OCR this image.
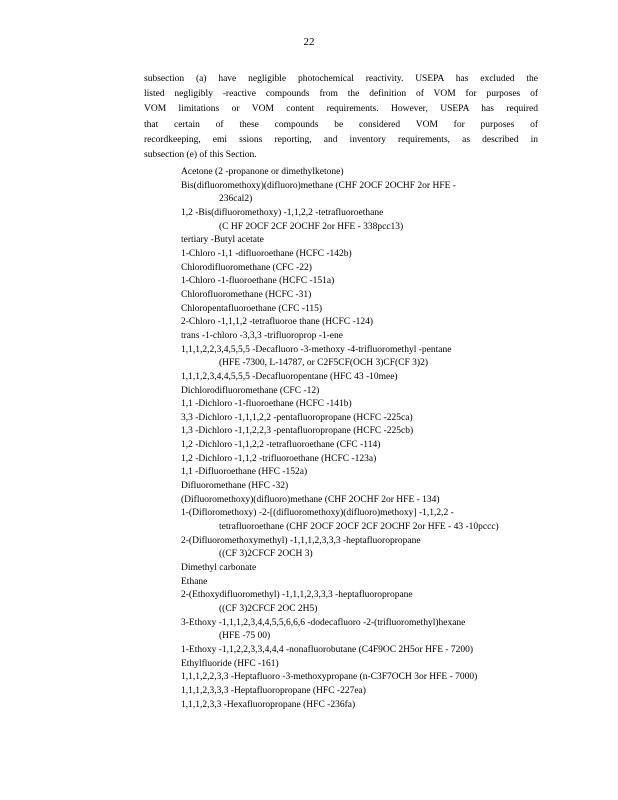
22

subsection (a) have negligible photochemical reactivity. USEPA has excluded the
listed negligibly -reactive compounds from the definition of VOM for purposes of
VOM limitations or VOM content requirements. However, USEPA has required
that certain of these compounds be considered VOM for purposes of
recordkeeping, emi ssions reporting, and inventory requirements, as described in
subsection (e) of this Section.

Acetone (2 -propanone or dimethylketone)
Bis(difluoromethoxy)(difluoro)methane (CHF 2OCF 2OCHF 2or HFE -
236cal2)
1,2 -Bis(difluoromethoxy) -1,1,2,2 -tetrafluoroethane
(C HF 2OCF 2CF 2OCHF 2or HFE - 338pcc13)
tertiary -Butyl acetate
1-Chloro -1,1 -difluoroethane (HCFC -142b)
Chlorodifluoromethane (CFC -22)
1-Chloro -1-fluoroethane (HCFC -151a)
Chlorofluoromethane (HCFC -31)
Chloropentafluoroethane (CFC -115)
2-Chloro -1,1,1,2 -tetrafluoroe thane (HCFC -124)
trans -1-chloro -3,3,3 -trifluoroprop -1-ene
1,1,1,2,2,3,4,5,5,5 -Decafluoro -3-methoxy -4-trifluoromethyl -pentane
(HFE -7300, L-14787, or C2F5CF(OCH 3)CF(CF 3)2)
1,1,1,2,3,4,4,5,5,5 -Decafluoropentane (HFC 43 -10mee)
Dichlorodifluoromethane (CFC -12)
1,1 -Dichloro -1-fluoroethane (HCFC -141b)
3,3 -Dichloro -1,1,1,2,2 -pentafluoropropane (HCFC -225ca)
1,3 -Dichloro -1,1,2,2,3 -pentafluoropropane (HCFC -225cb)
1,2 -Dichloro -1,1,2,2 -tetrafluoroethane (CFC -114)
1,2 -Dichloro -1,1,2 -trifluoroethane (HCFC -123a)
1,1 -Difluoroethane (HFC -152a)
Difluoromethane (HFC -32)
(Difluoromethoxy)(difluoro)methane (CHF 2OCHF 2or HFE - 134)
1-(Difloromethoxy) -2-[(difluoromethoxy)(difluoro)methoxy] -1,1,2,2 -
tetrafluoroethane (CHF 2OCF 2OCF 2CF 2OCHF 2or HFE - 43 -10pccc)
2-(Difluoromethoxymethyl) -1,1,1,2,3,3,3 -heptafluoropropane
((CF 3)2CFCF 2OCH 3)
Dimethyl carbonate
Ethane
2-(Ethoxydifluoromethyl) -1,1,1,2,3,3,3 -heptafluoropropane
((CF 3)2CFCF 2OC 2H5)
3-Ethoxy -1,1,1,2,3,4,4,5,5,6,6,6 -dodecafluoro -2-(trifluoromethyl)hexane
(HFE -75 00)
1-Ethoxy -1,1,2,2,3,3,4,4,4 -nonafluorobutane (C4F9OC 2H5or HFE - 7200)
Ethylfluoride (HFC -161)
1,1,1,2,2,3,3 -Heptafluoro -3-methoxypropane (n-C3F7OCH 3or HFE - 7000)
1,1,1,2,3,3,3 -Heptafluoropropane (HFC -227ea)
1,1,1,2,3,3 -Hexafluoropropane (HFC -236fa)
